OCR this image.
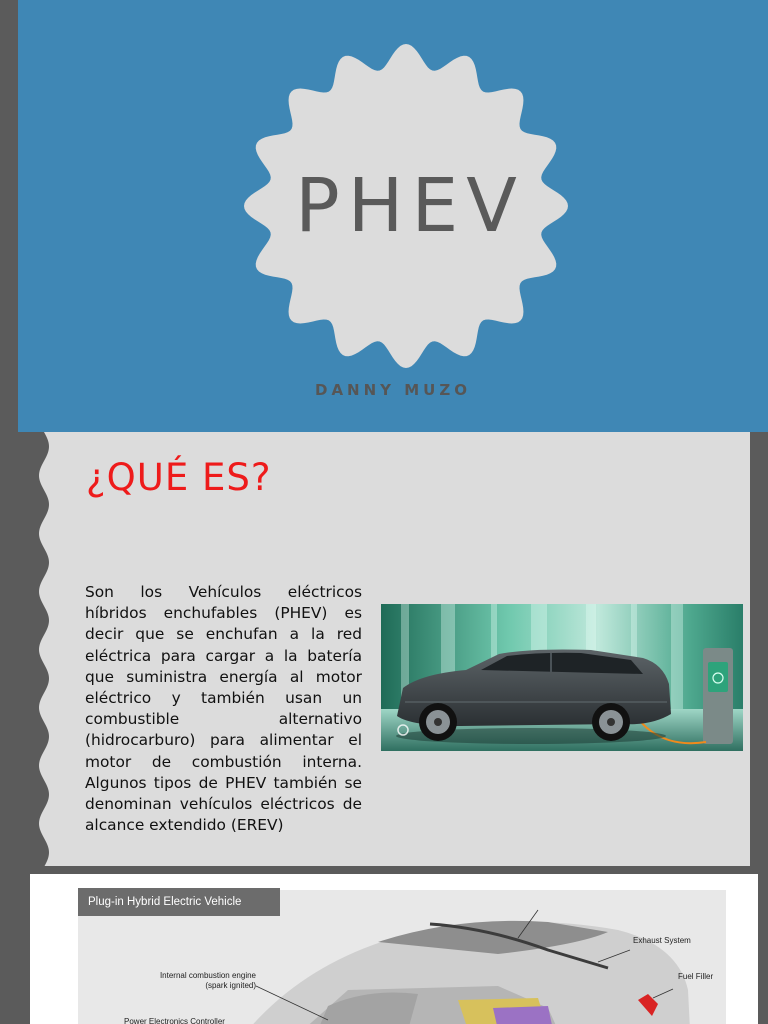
PHEV
DANNY MUZO
¿QUÉ ES?
Son los Vehículos eléctricos híbridos enchufables (PHEV) es decir que se enchufan a la red eléctrica para cargar a la batería que suministra energía al motor eléctrico y también usan un combustible alternativo (hidrocarburo) para alimentar el motor de combustión interna. Algunos tipos de PHEV también se denominan vehículos eléctricos de alcance extendido (EREV)
Plug-in Hybrid Electric Vehicle
Exhaust System
Fuel Filler
Internal combustion engine
(spark ignited)
Power Electronics Controller
